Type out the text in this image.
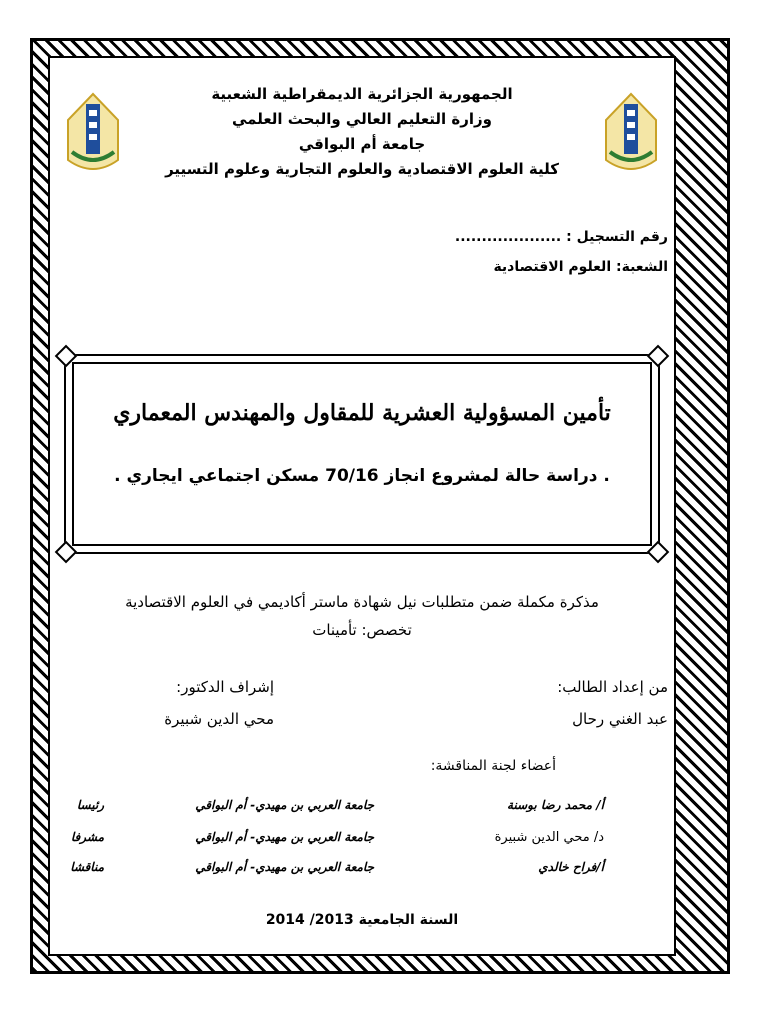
الجمهورية الجزائرية الديمقراطية الشعبية
وزارة التعليم العالي والبحث العلمي
جامعة أم البواقي
كلية العلوم الاقتصادية والعلوم التجارية وعلوم التسيير
رقم التسجيل : ....................
الشعبة: العلوم الاقتصادية
تأمين المسؤولية العشرية للمقاول والمهندس المعماري
. دراسة حالة لمشروع انجاز 70/16 مسكن اجتماعي ايجاري .
مذكرة مكملة ضمن متطلبات نيل شهادة ماستر أكاديمي في العلوم الاقتصادية
تخصص: تأمينات
من إعداد الطالب:
عبد الغني رحال
إشراف الدكتور:
محي الدين شبيرة
أعضاء لجنة المناقشة:
أ/ محمد رضا بوسنة
جامعة العربي بن مهيدي- أم البواقي
رئيسا
د/ محي الدين شبيرة
جامعة العربي بن مهيدي- أم البواقي
مشرفا
أ/فراح خالدي
جامعة العربي بن مهيدي- أم البواقي
مناقشا
السنة الجامعية 2013/ 2014
